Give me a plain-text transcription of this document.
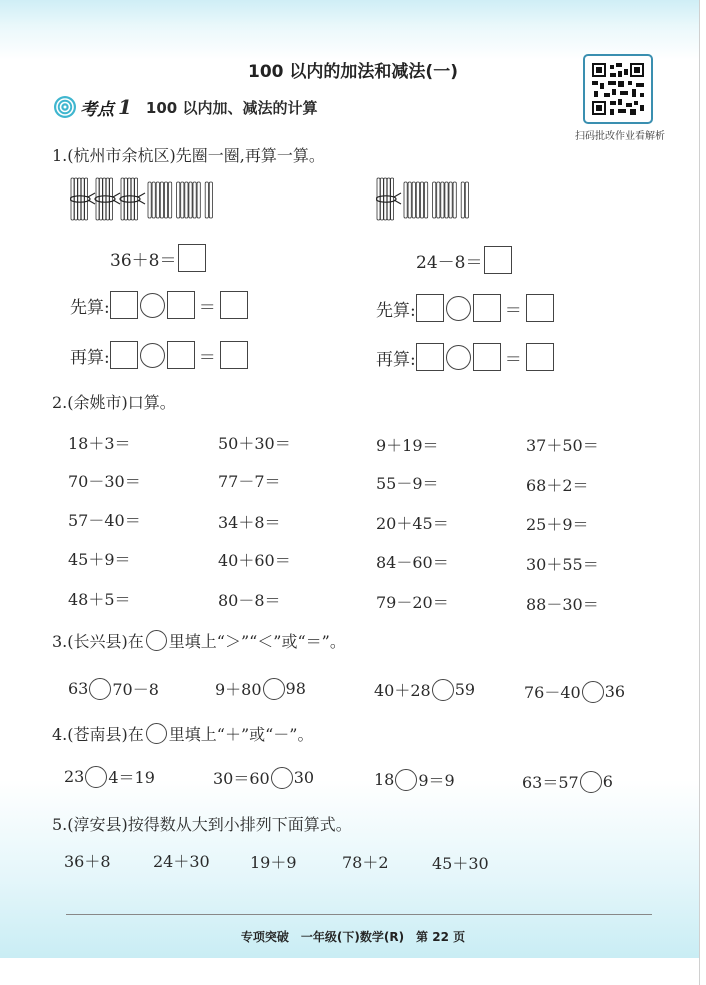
100 以内的加法和减法(一)
扫码批改作业看解析
考点 1 100 以内加、减法的计算
1.(杭州市余杭区)先圈一圈,再算一算。
36＋8＝	24－8＝
先算:	＝
再算:	＝
先算:	＝
再算:	＝
2.(余姚市)口算。
18＋3＝	50＋30＝	9＋19＝	37＋50＝
70－30＝	77－7＝	55－9＝	68＋2＝
57－40＝	34＋8＝	20＋45＝	25＋9＝
45＋9＝	40＋60＝	84－60＝	30＋55＝
48＋5＝	80－8＝	79－20＝	88－30＝
3.(长兴县)在 里填上“＞”“＜”或“＝”。
63 70－8	9＋80 98	40＋28 59	76－40 36
4.(苍南县)在 里填上“＋”或“－”。
23 4＝19	30＝60 30	18 9＝9	63＝57 6
5.(淳安县)按得数从大到小排列下面算式。
36＋8	24＋30	19＋9	78＋2	45＋30
专项突破　一年级(下)数学(R)　第 22 页
